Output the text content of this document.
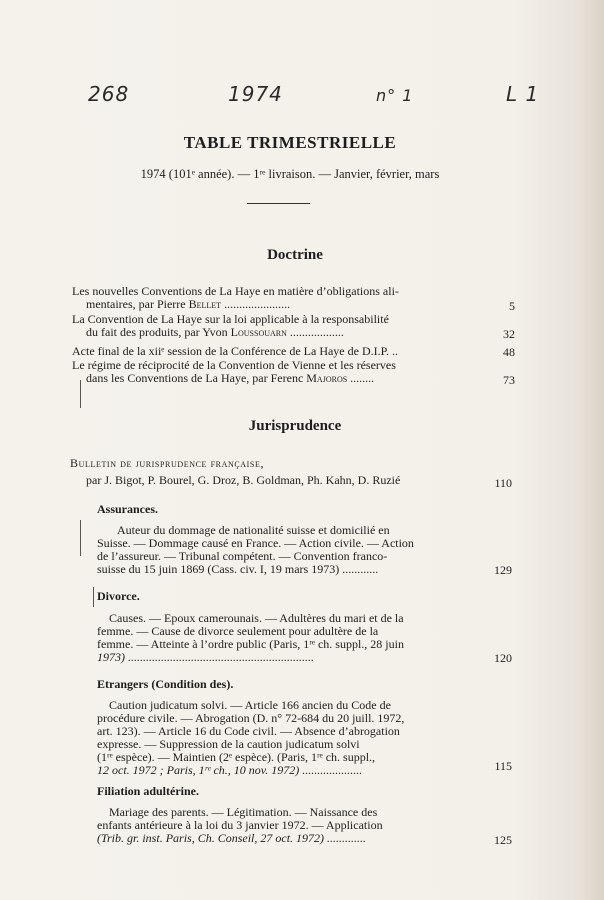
268	1974	n° 1	L 1
TABLE TRIMESTRIELLE
1974 (101ᵉ année). — 1ʳᵉ livraison. — Janvier, février, mars
Doctrine
Les nouvelles Conventions de La Haye en matière d’obligations ali-
mentaires, par Pierre Bellet ......................	5
La Convention de La Haye sur la loi applicable à la responsabilité
du fait des produits, par Yvon Loussouarn ..................	32
Acte final de la xiiᵉ session de la Conférence de La Haye de D.I.P. ..	48
Le régime de réciprocité de la Convention de Vienne et les réserves
dans les Conventions de La Haye, par Ferenc Majoros ........	73
Jurisprudence
Bulletin de jurisprudence française,
par J. Bigot, P. Bourel, G. Droz, B. Goldman, Ph. Kahn, D. Ruzié	110
Assurances.
Auteur du dommage de nationalité suisse et domicilié en
Suisse. — Dommage causé en France. — Action civile. — Action
de l’assureur. — Tribunal compétent. — Convention franco-
suisse du 15 juin 1869 (Cass. civ. I, 19 mars 1973) ............	129
Divorce.
Causes. — Epoux camerounais. — Adultères du mari et de la
femme. — Cause de divorce seulement pour adultère de la
femme. — Atteinte à l’ordre public (Paris, 1ʳᵉ ch. suppl., 28 juin
1973) ..............................................................	120
Etrangers (Condition des).
Caution judicatum solvi. — Article 166 ancien du Code de
procédure civile. — Abrogation (D. n° 72-684 du 20 juill. 1972,
art. 123). — Article 16 du Code civil. — Absence d’abrogation
expresse. — Suppression de la caution judicatum solvi
(1ʳᵉ espèce). — Maintien (2ᵉ espèce). (Paris, 1ʳᵉ ch. suppl.,
12 oct. 1972 ; Paris, 1ʳᵉ ch., 10 nov. 1972) ....................	115
Filiation adultérine.
Mariage des parents. — Légitimation. — Naissance des
enfants antérieure à la loi du 3 janvier 1972. — Application
(Trib. gr. inst. Paris, Ch. Conseil, 27 oct. 1972) .............	125
